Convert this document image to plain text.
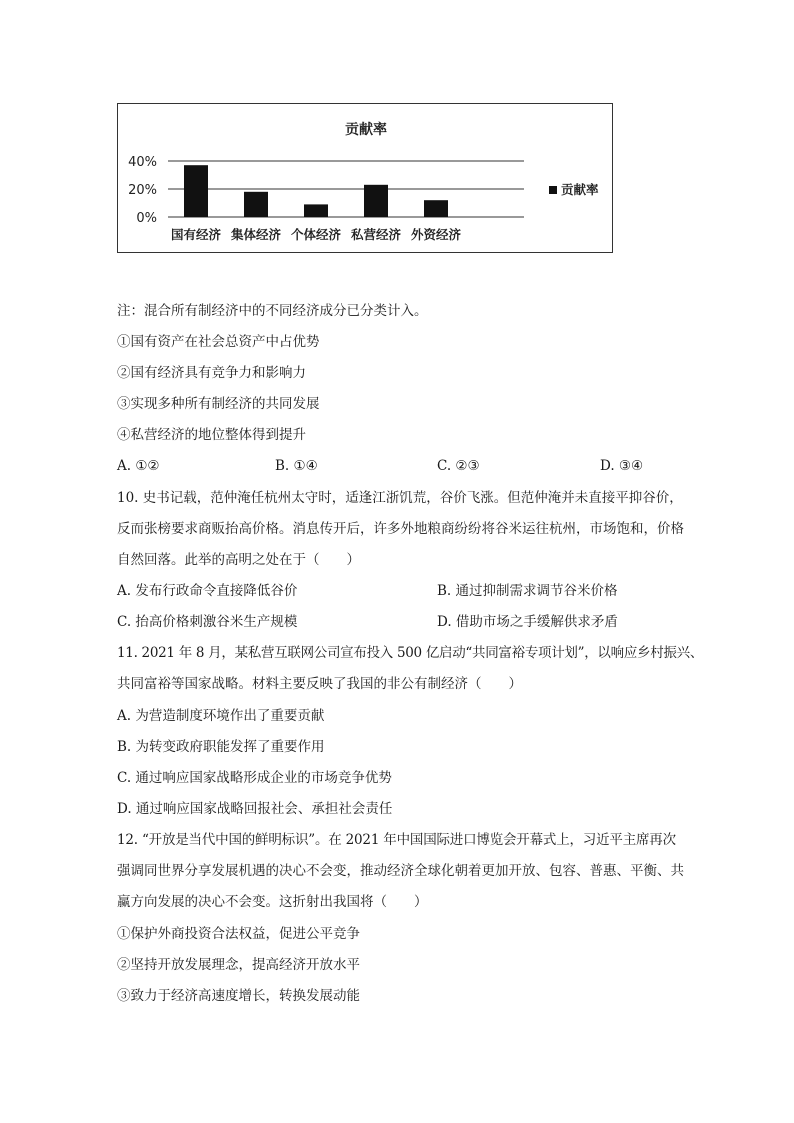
贡献率
40%
20%
0%
国有经济 集体经济 个体经济 私营经济 外资经济
贡献率
注：混合所有制经济中的不同经济成分已分类计入。
①国有资产在社会总资产中占优势
②国有经济具有竞争力和影响力
③实现多种所有制经济的共同发展
④私营经济的地位整体得到提升
A. ①②	B. ①④	C. ②③	D. ③④
10. 史书记载，范仲淹任杭州太守时，适逢江浙饥荒，谷价飞涨。但范仲淹并未直接平抑谷价，
反而张榜要求商贩抬高价格。消息传开后，许多外地粮商纷纷将谷米运往杭州，市场饱和，价格
自然回落。此举的高明之处在于（　　）
A. 发布行政命令直接降低谷价	B. 通过抑制需求调节谷米价格
C. 抬高价格刺激谷米生产规模	D. 借助市场之手缓解供求矛盾
11. 2021 年 8 月，某私营互联网公司宣布投入 500 亿启动“共同富裕专项计划”，以响应乡村振兴、
共同富裕等国家战略。材料主要反映了我国的非公有制经济（　　）
A. 为营造制度环境作出了重要贡献
B. 为转变政府职能发挥了重要作用
C. 通过响应国家战略形成企业的市场竞争优势
D. 通过响应国家战略回报社会、承担社会责任
12. “开放是当代中国的鲜明标识”。在 2021 年中国国际进口博览会开幕式上，习近平主席再次
强调同世界分享发展机遇的决心不会变，推动经济全球化朝着更加开放、包容、普惠、平衡、共
赢方向发展的决心不会变。这折射出我国将（　　）
①保护外商投资合法权益，促进公平竞争
②坚持开放发展理念，提高经济开放水平
③致力于经济高速度增长，转换发展动能
